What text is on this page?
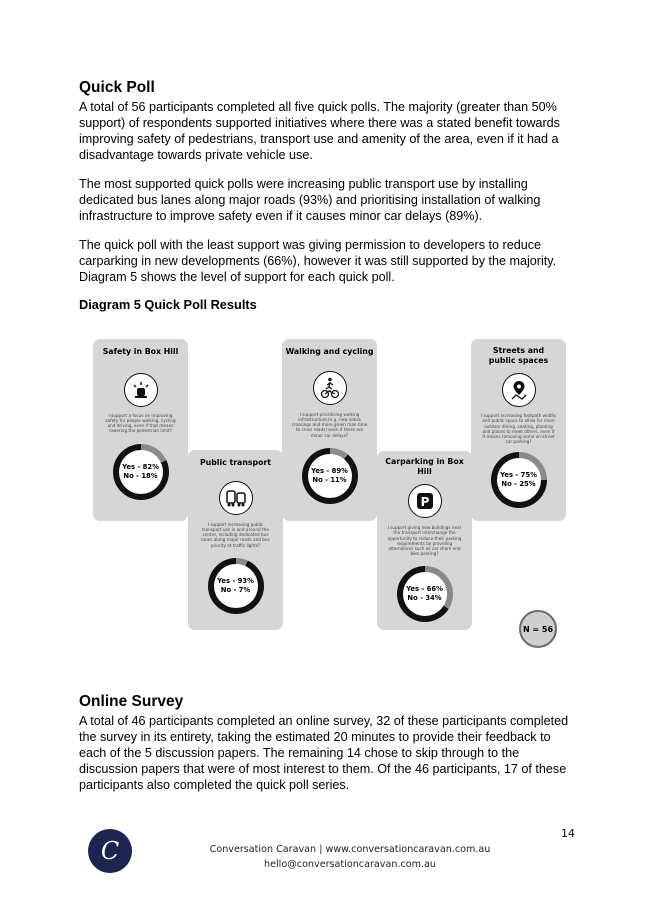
Quick Poll

A total of 56 participants completed all five quick polls. The majority (greater than 50% support) of respondents supported initiatives where there was a stated benefit towards improving safety of pedestrians, transport use and amenity of the area, even if it had a disadvantage towards private vehicle use.

The most supported quick polls were increasing public transport use by installing dedicated bus lanes along major roads (93%) and prioritising installation of walking infrastructure to improve safety even if it causes minor car delays (89%).

The quick poll with the least support was giving permission to developers to reduce carparking in new developments (66%), however it was still supported by the majority. Diagram 5 shows the level of support for each quick poll.

Diagram 5 Quick Poll Results

Safety in Box Hill
I support a focus on improving safety for people walking, cycling and driving, even if that means lowering the pedestrian limit?
Yes - 82%
No - 18%
Public transport
I support increasing public transport use in and around the centre, including dedicated bus lanes along major roads and bus priority at traffic lights?
Yes - 93%
No - 7%
Walking and cycling
I support prioritising walking infrastructure (e.g. new zebra crossings and more green man time to cross roads) even if there are minor car delays?
Yes - 89%
No - 11%
Carparking in Box Hill
P
I support giving new buildings near the transport interchange the opportunity to reduce their parking requirements by providing alternatives such as car share and bike parking?
Yes - 66%
No - 34%
Streets and public spaces
I support increasing footpath widths and public space to allow for more outdoor dining, seating, planting and places to meet others, even if it means removing some on-street car parking?
Yes - 75%
No - 25%
N = 56
Online Survey

A total of 46 participants completed an online survey, 32 of these participants completed the survey in its entirety, taking the estimated 20 minutes to provide their feedback to each of the 5 discussion papers. The remaining 14 chose to skip through to the discussion papers that were of most interest to them. Of the 46 participants, 17 of these participants also completed the quick poll series.

14
C	Conversation Caravan | www.conversationcaravan.com.au
hello@conversationcaravan.com.au
